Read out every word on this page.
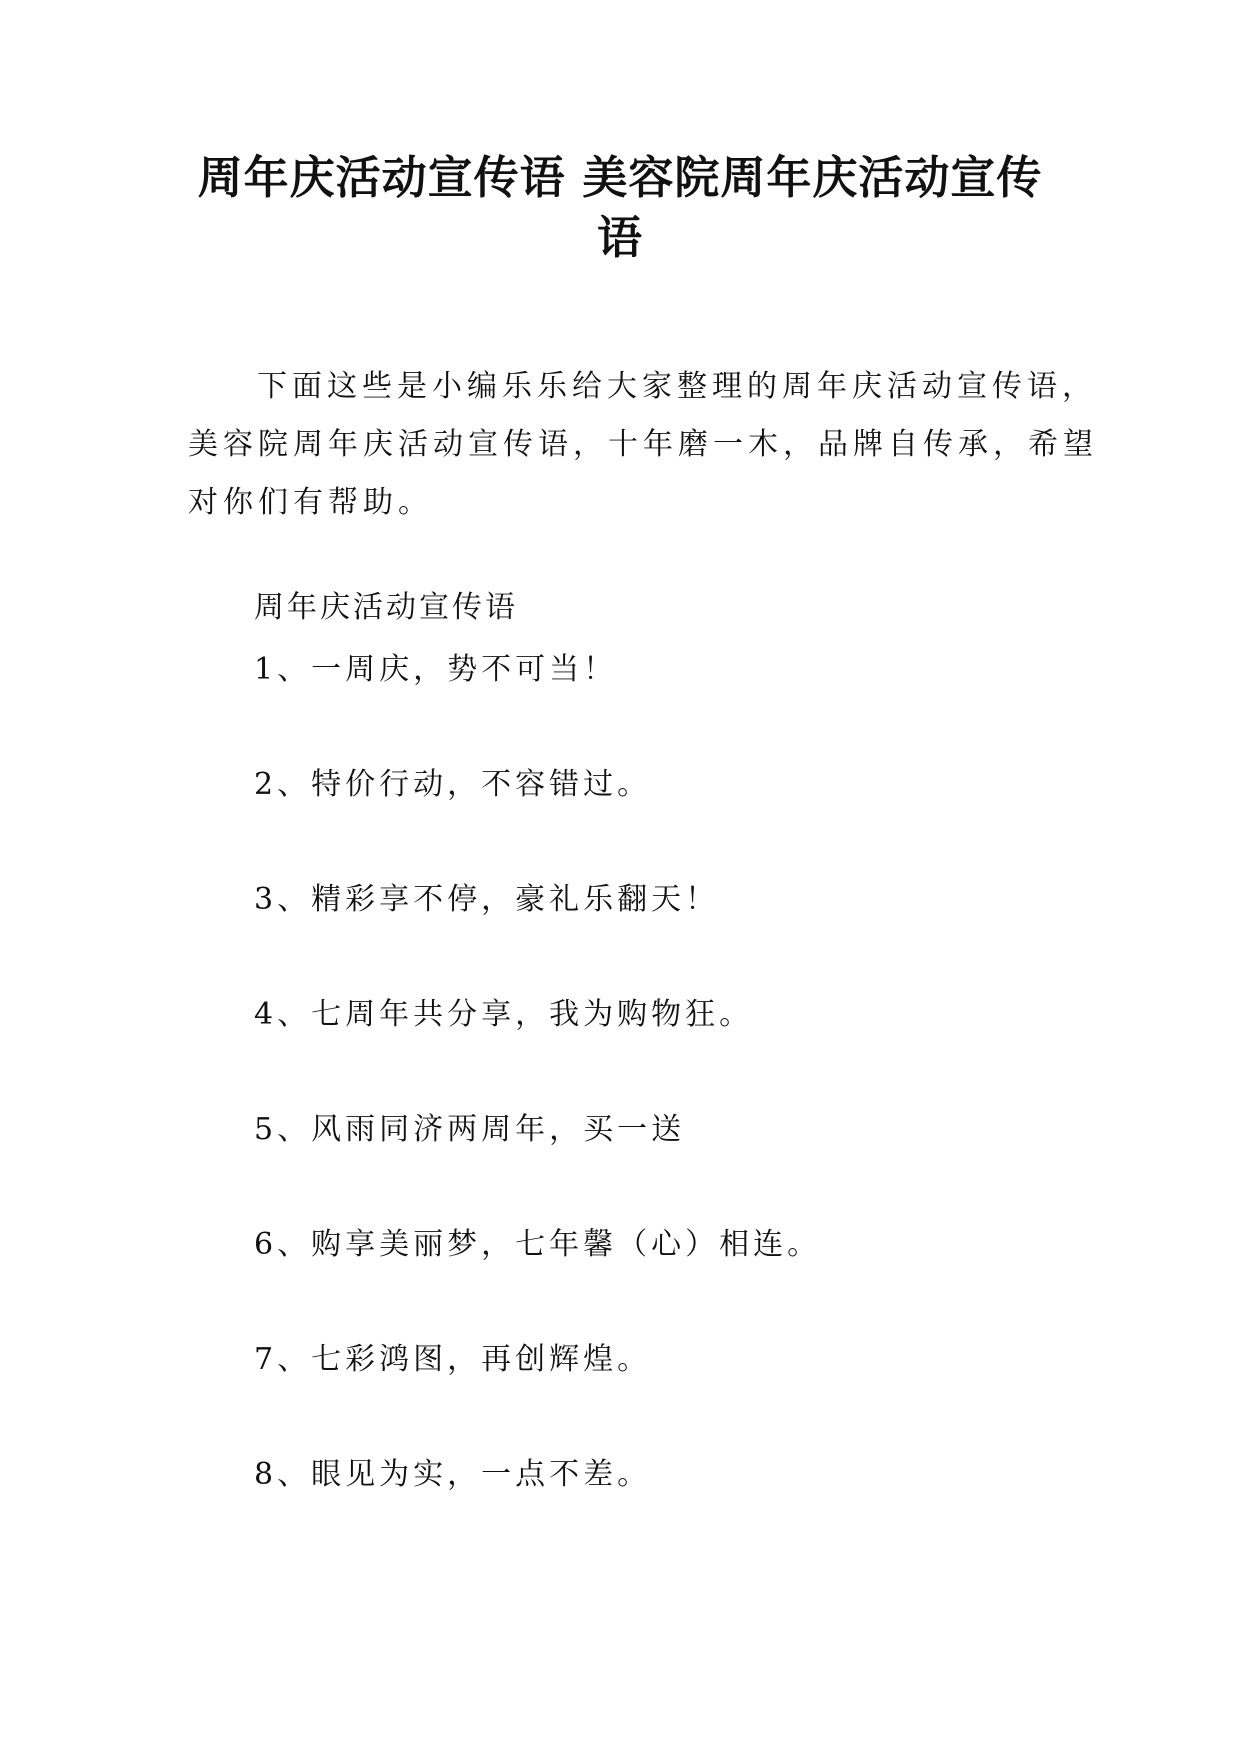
周年庆活动宣传语 美容院周年庆活动宣传
语

下面这些是小编乐乐给大家整理的周年庆活动宣传语，
美容院周年庆活动宣传语，十年磨一木，品牌自传承，希望
对你们有帮助。

周年庆活动宣传语

1、一周庆，势不可当！
2、特价行动，不容错过。
3、精彩享不停，豪礼乐翻天！
4、七周年共分享，我为购物狂。
5、风雨同济两周年，买一送
6、购享美丽梦，七年馨（心）相连。
7、七彩鸿图，再创辉煌。
8、眼见为实，一点不差。
